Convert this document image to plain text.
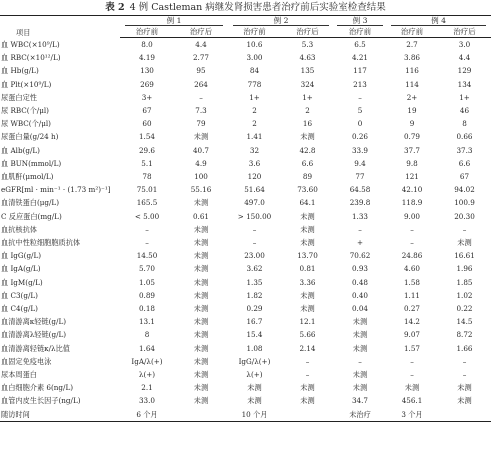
表 2 4 例 Castleman 病继发肾损害患者治疗前后实验室检查结果
项目	例 1		例 2		例 3	例 4	
	治疗前	治疗后	治疗前	治疗后	治疗前	治疗前	治疗后
血 WBC(×10⁹/L)	8.0	4.4	10.6	5.3	6.5	2.7	3.0
血 RBC(×10¹²/L)	4.19	2.77	3.00	4.63	4.21	3.86	4.4
血 Hb(g/L)	130	95	84	135	117	116	129
血 Plt(×10⁹/L)	269	264	778	324	213	114	134
尿蛋白定性	3+	–	1+	1+	–	2+	1+
尿 RBC(个/μl)	67	7.3	2	2	5	19	46
尿 WBC(个/μl)	60	79	2	16	0	9	8
尿蛋白量(g/24 h)	1.54	未测	1.41	未测	0.26	0.79	0.66
血 Alb(g/L)	29.6	40.7	32	42.8	33.9	37.7	37.3
血 BUN(mmol/L)	5.1	4.9	3.6	6.6	9.4	9.8	6.6
血肌酐(μmol/L)	78	100	120	89	77	121	67
eGFR[ml · min⁻¹ · (1.73 m²)⁻¹]	75.01	55.16	51.64	73.60	64.58	42.10	94.02
血清铁蛋白(μg/L)	165.5	未测	497.0	64.1	239.8	118.9	100.9
C 反应蛋白(mg/L)	< 5.00	0.61	> 150.00	未测	1.33	9.00	20.30
血抗核抗体	–	未测	–	未测	–	–	–
血抗中性粒细胞胞质抗体	–	未测	–	未测	+	–	未测
血 IgG(g/L)	14.50	未测	23.00	13.70	70.62	24.86	16.61
血 IgA(g/L)	5.70	未测	3.62	0.81	0.93	4.60	1.96
血 IgM(g/L)	1.05	未测	1.35	3.36	0.48	1.58	1.85
血 C3(g/L)	0.89	未测	1.82	未测	0.40	1.11	1.02
血 C4(g/L)	0.18	未测	0.29	未测	0.04	0.27	0.22
血清游离κ轻链(g/L)	13.1	未测	16.7	12.1	未测	14.2	14.5
血清游离λ轻链(g/L)	8	未测	15.4	5.66	未测	9.07	8.72
血清游离轻链κ/λ比值	1.64	未测	1.08	2.14	未测	1.57	1.66
血固定免疫电泳	IgA/λ(+)	未测	IgG/λ(+)	–	–	–	–
尿本周蛋白	λ(+)	未测	λ(+)	–	未测	–	–
血白细胞介素 6(ng/L)	2.1	未测	未测	未测	未测	未测	未测
血管内皮生长因子(ng/L)	33.0	未测	未测	未测	34.7	456.1	未测
随访时间	6 个月		10 个月		未治疗	3 个月	
